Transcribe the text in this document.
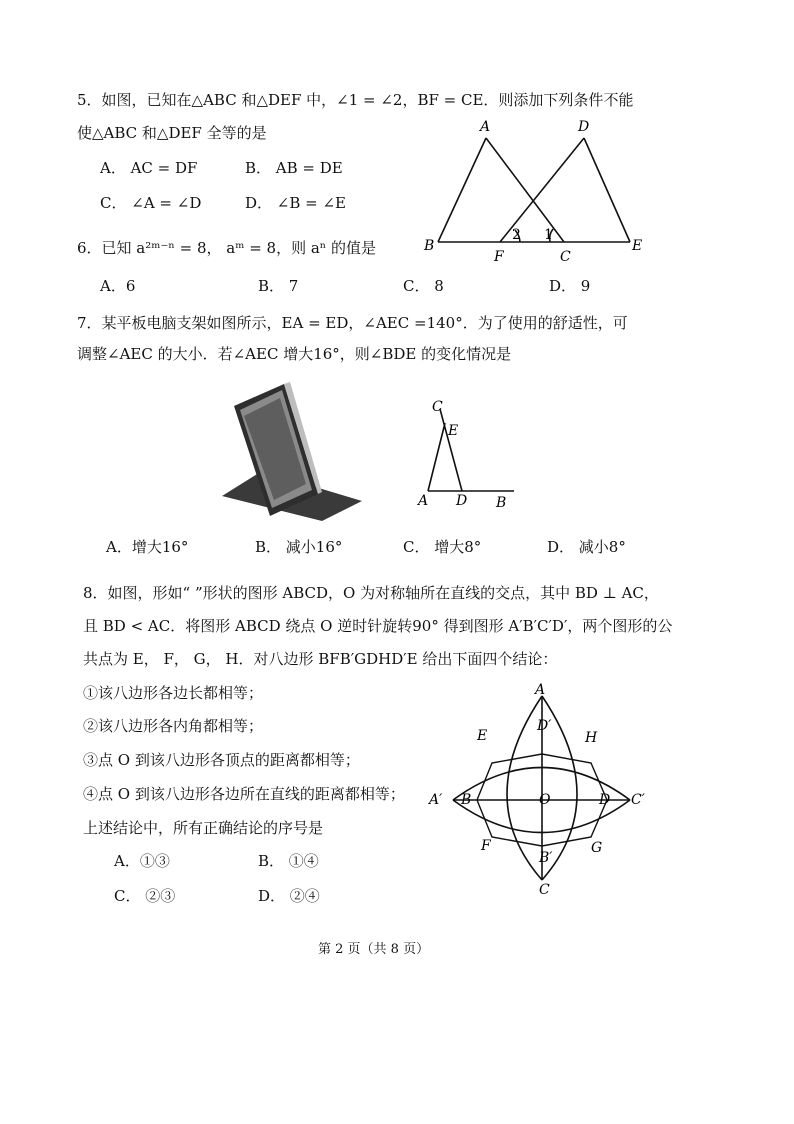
5．如图，已知在△ABC 和△DEF 中，∠1 = ∠2，BF = CE．则添加下列条件不能
使△ABC 和△DEF 全等的是
A． AC = DF	B． AB = DE
C． ∠A = ∠D	D． ∠B = ∠E
A	D
B
F	C
E
2 1
6．已知 a²ᵐ⁻ⁿ = 8， aᵐ = 8，则 aⁿ 的值是
A．6	B． 7	C． 8	D． 9
7．某平板电脑支架如图所示，EA = ED，∠AEC =140°．为了使用的舒适性，可
调整∠AEC 的大小．若∠AEC 增大16°，则∠BDE 的变化情况是
C
E
A D B
A．增大16°	B． 减小16°	C． 增大8°	D． 减小8°
8．如图，形如“ ”形状的图形 ABCD，O 为对称轴所在直线的交点，其中 BD ⊥ AC，
且 BD < AC．将图形 ABCD 绕点 O 逆时针旋转90° 得到图形 A′B′C′D′，两个图形的公
共点为 E， F， G， H．对八边形 BFB′GDHD′E 给出下面四个结论：
①该八边形各边长都相等；
②该八边形各内角都相等；
③点 O 到该八边形各顶点的距离都相等；
④点 O 到该八边形各边所在直线的距离都相等；
上述结论中，所有正确结论的序号是
A．①③	B． ①④
C． ②③	D． ②④
A
D′
E	H
A′ B	O	D C′
F
B′
G
C
第 2 页（共 8 页）
